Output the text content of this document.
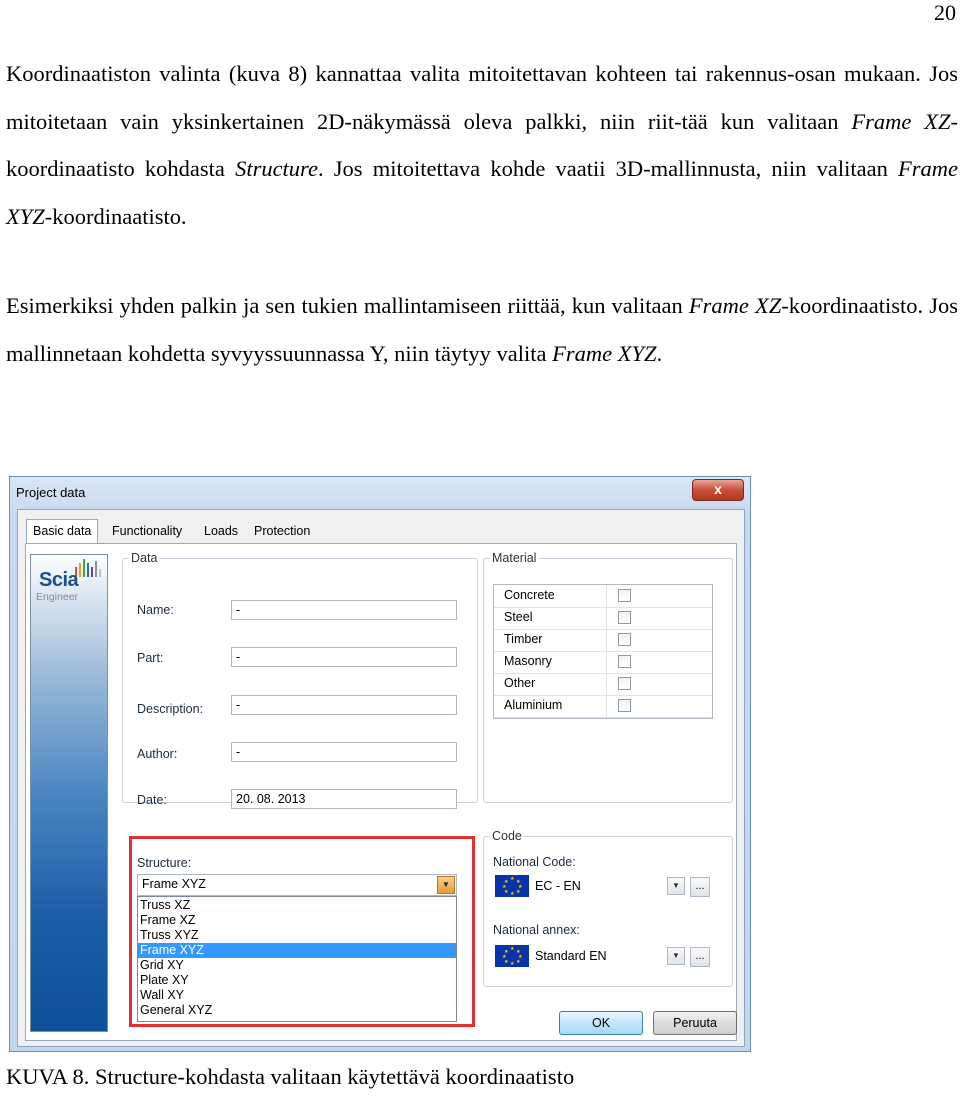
20

Koordinaatiston valinta (kuva 8) kannattaa valita mitoitettavan kohteen tai rakennus-osan mukaan. Jos mitoitetaan vain yksinkertainen 2D-näkymässä oleva palkki, niin riit-tää kun valitaan Frame XZ-koordinaatisto kohdasta Structure. Jos mitoitettava kohde vaatii 3D-mallinnusta, niin valitaan Frame XYZ-koordinaatisto.

Esimerkiksi yhden palkin ja sen tukien mallintamiseen riittää, kun valitaan Frame XZ-koordinaatisto. Jos mallinnetaan kohdetta syvyyssuunnassa Y, niin täytyy valita Frame XYZ.

Project data	x
Basic data	Functionality	Loads	Protection
Scia
Engineer
Data
Name:	-
Part:	-
Description:	-
Author:	-
Date:	20. 08. 2013
Material
Concrete
Steel
Timber
Masonry
Other
Aluminium
Structure:
Frame XYZ	▼
Truss XZ
Frame XZ
Truss XYZ
Frame XYZ
Grid XY
Plate XY
Wall XY
General XYZ
Code
National Code:
★ ★
★
★
★
★
★
★ EC - EN	▼	...
National annex:
★ ★
★
★
★
★
★
★ Standard EN	▼	...
OK	Peruuta
KUVA 8. Structure-kohdasta valitaan käytettävä koordinaatisto
